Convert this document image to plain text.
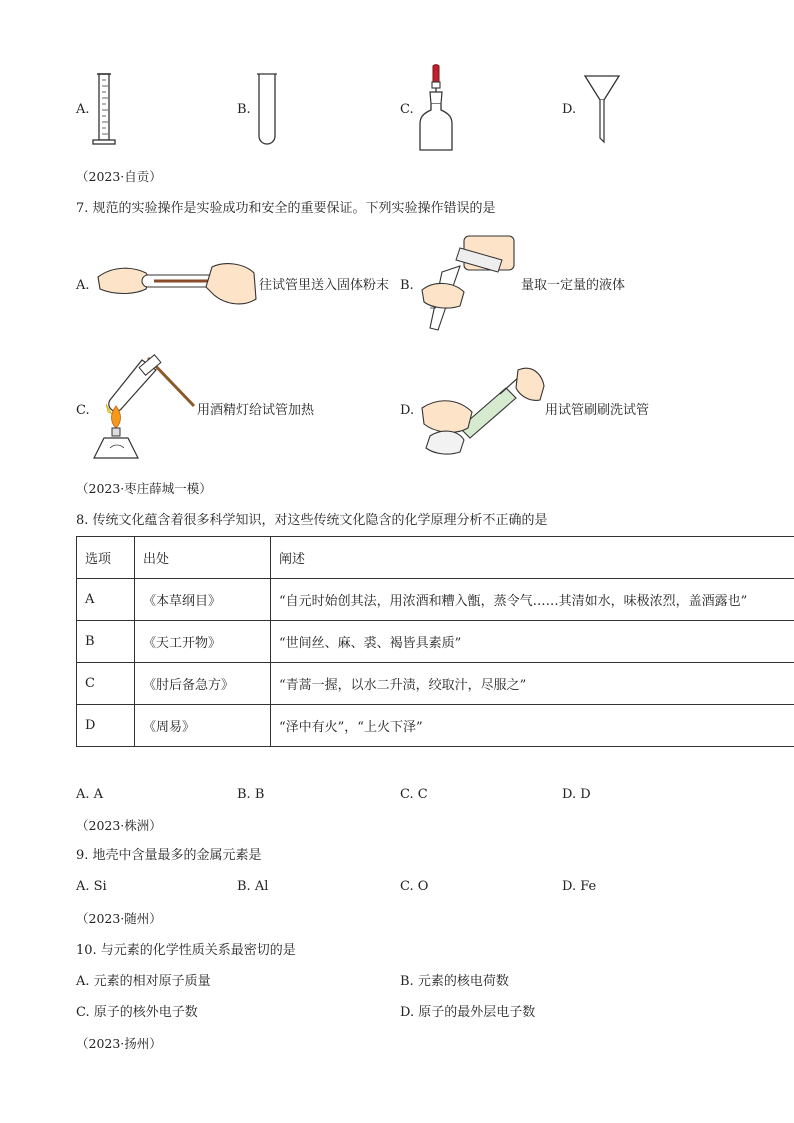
A.	B.	C.	D.
（2023·自贡）
7. 规范的实验操作是实验成功和安全的重要保证。下列实验操作错误的是
A.	往试管里送入固体粉末 B.	量取一定量的液体
C.	用酒精灯给试管加热	D.	用试管刷刷洗试管
（2023·枣庄薛城一模）
8. 传统文化蕴含着很多科学知识，对这些传统文化隐含的化学原理分析不正确的是
选项	出处	阐述
A	《本草纲目》	“自元时始创其法，用浓酒和糟入甑，蒸令气……其清如水，味极浓烈，盖酒露也”
B	《天工开物》	“世间丝、麻、裘、褐皆具素质”
C	《肘后备急方》	“青蒿一握，以水二升渍，绞取汁，尽服之”
D	《周易》	“泽中有火”，“上火下泽”
A. A	B. B	C. C	D. D
（2023·株洲）
9. 地壳中含量最多的金属元素是
A. Si	B. Al	C. O	D. Fe
（2023·随州）
10. 与元素的化学性质关系最密切的是
A. 元素的相对原子质量	B. 元素的核电荷数
C. 原子的核外电子数	D. 原子的最外层电子数
（2023·扬州）
